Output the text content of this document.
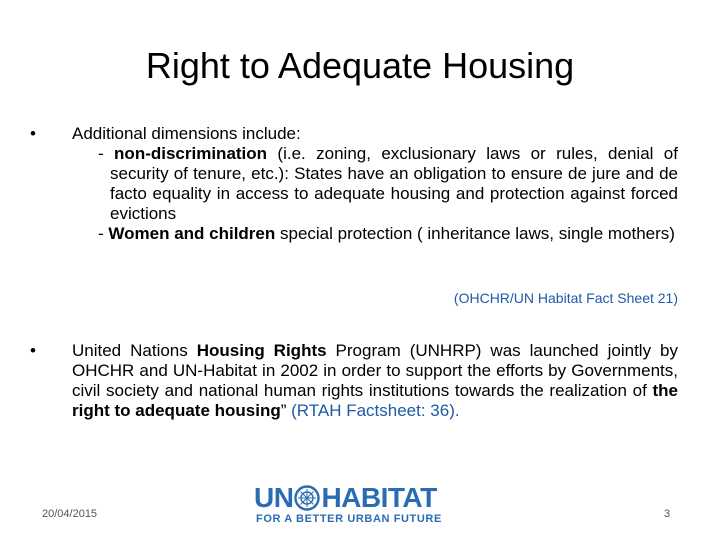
Right to Adequate Housing
•	Additional dimensions include:
- non-discrimination (i.e. zoning, exclusionary laws or rules, denial of security of tenure, etc.): States have an obligation to ensure de jure and de facto equality in access to adequate housing and protection against forced evictions
- Women and children special protection ( inheritance laws, single mothers)
(OHCHR/UN Habitat Fact Sheet 21)
•	United Nations Housing Rights Program (UNHRP) was launched jointly by OHCHR and UN-Habitat in 2002 in order to support the efforts by Governments, civil society and national human rights institutions towards the realization of the right to adequate housing” (RTAH Factsheet: 36).
20/04/2015
UN HABITAT
FOR A BETTER URBAN FUTURE	3
